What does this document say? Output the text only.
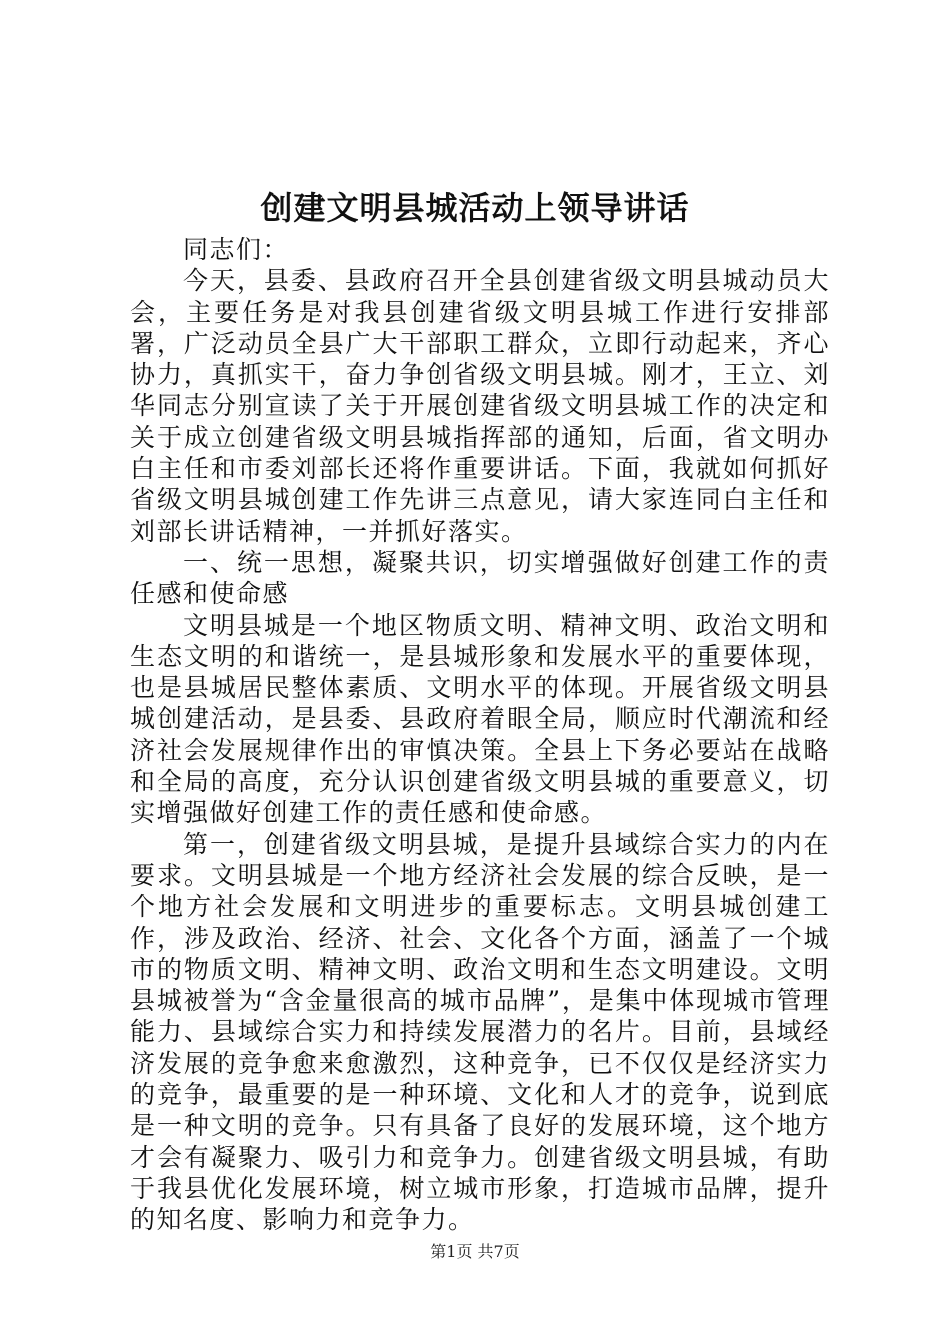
创建文明县城活动上领导讲话

同志们：

今天，县委、县政府召开全县创建省级文明县城动员大会，主要任务是对我县创建省级文明县城工作进行安排部署，广泛动员全县广大干部职工群众，立即行动起来，齐心协力，真抓实干，奋力争创省级文明县城。刚才，王立、刘华同志分别宣读了关于开展创建省级文明县城工作的决定和关于成立创建省级文明县城指挥部的通知，后面，省文明办白主任和市委刘部长还将作重要讲话。下面，我就如何抓好省级文明县城创建工作先讲三点意见，请大家连同白主任和刘部长讲话精神，一并抓好落实。

一、统一思想，凝聚共识，切实增强做好创建工作的责任感和使命感

文明县城是一个地区物质文明、精神文明、政治文明和生态文明的和谐统一，是县城形象和发展水平的重要体现，也是县城居民整体素质、文明水平的体现。开展省级文明县城创建活动，是县委、县政府着眼全局，顺应时代潮流和经济社会发展规律作出的审慎决策。全县上下务必要站在战略和全局的高度，充分认识创建省级文明县城的重要意义，切实增强做好创建工作的责任感和使命感。

第一，创建省级文明县城，是提升县域综合实力的内在要求。文明县城是一个地方经济社会发展的综合反映，是一个地方社会发展和文明进步的重要标志。文明县城创建工作，涉及政治、经济、社会、文化各个方面，涵盖了一个城市的物质文明、精神文明、政治文明和生态文明建设。文明县城被誉为“含金量很高的城市品牌”，是集中体现城市管理能力、县域综合实力和持续发展潜力的名片。目前，县域经济发展的竞争愈来愈激烈，这种竞争，已不仅仅是经济实力的竞争，最重要的是一种环境、文化和人才的竞争，说到底是一种文明的竞争。只有具备了良好的发展环境，这个地方才会有凝聚力、吸引力和竞争力。创建省级文明县城，有助于我县优化发展环境，树立城市形象，打造城市品牌，提升的知名度、影响力和竞争力。

第1页 共7页
